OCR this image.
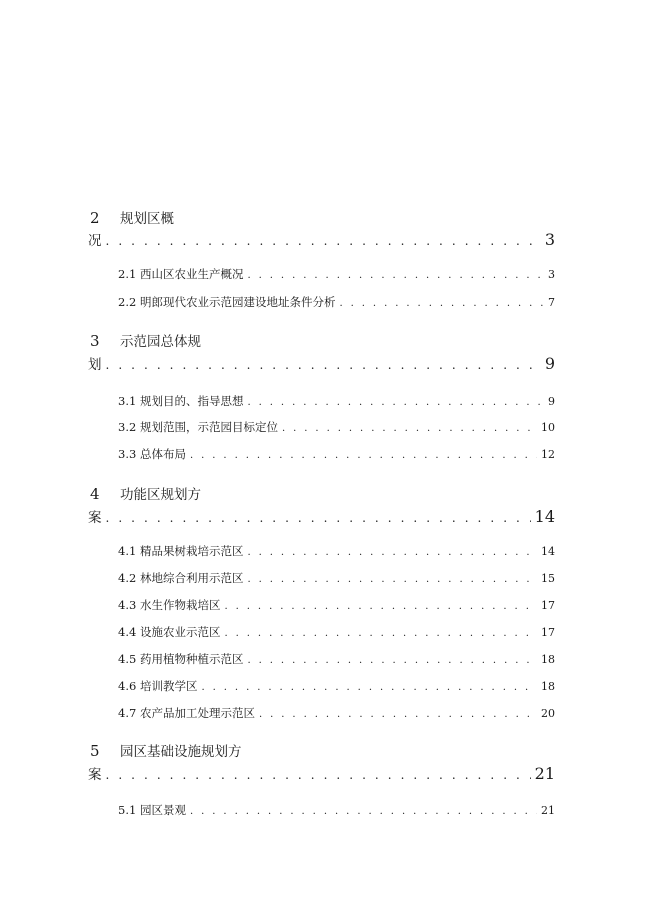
2 规划区概
况 . . .	3
2.1 西山区农业生产概况 . . .	3
2.2 明郎现代农业示范园建设地址条件分析 . . .	7
3 示范园总体规
划 . . .	9
3.1 规划目的、指导思想 . . .	9
3.2 规划范围，示范园目标定位 . . .	10
3.3 总体布局 . . .	12
4 功能区规划方
案 . . .	14
4.1 精品果树栽培示范区 . . .	14
4.2 林地综合利用示范区 . . .	15
4.3 水生作物栽培区 . . .	17
4.4 设施农业示范区 . . .	17
4.5 药用植物种植示范区 . . .	18
4.6 培训教学区 . . .	18
4.7 农产品加工处理示范区 . . .	20
5 园区基础设施规划方
案 . . .	21
5.1 园区景观 . . .	21
